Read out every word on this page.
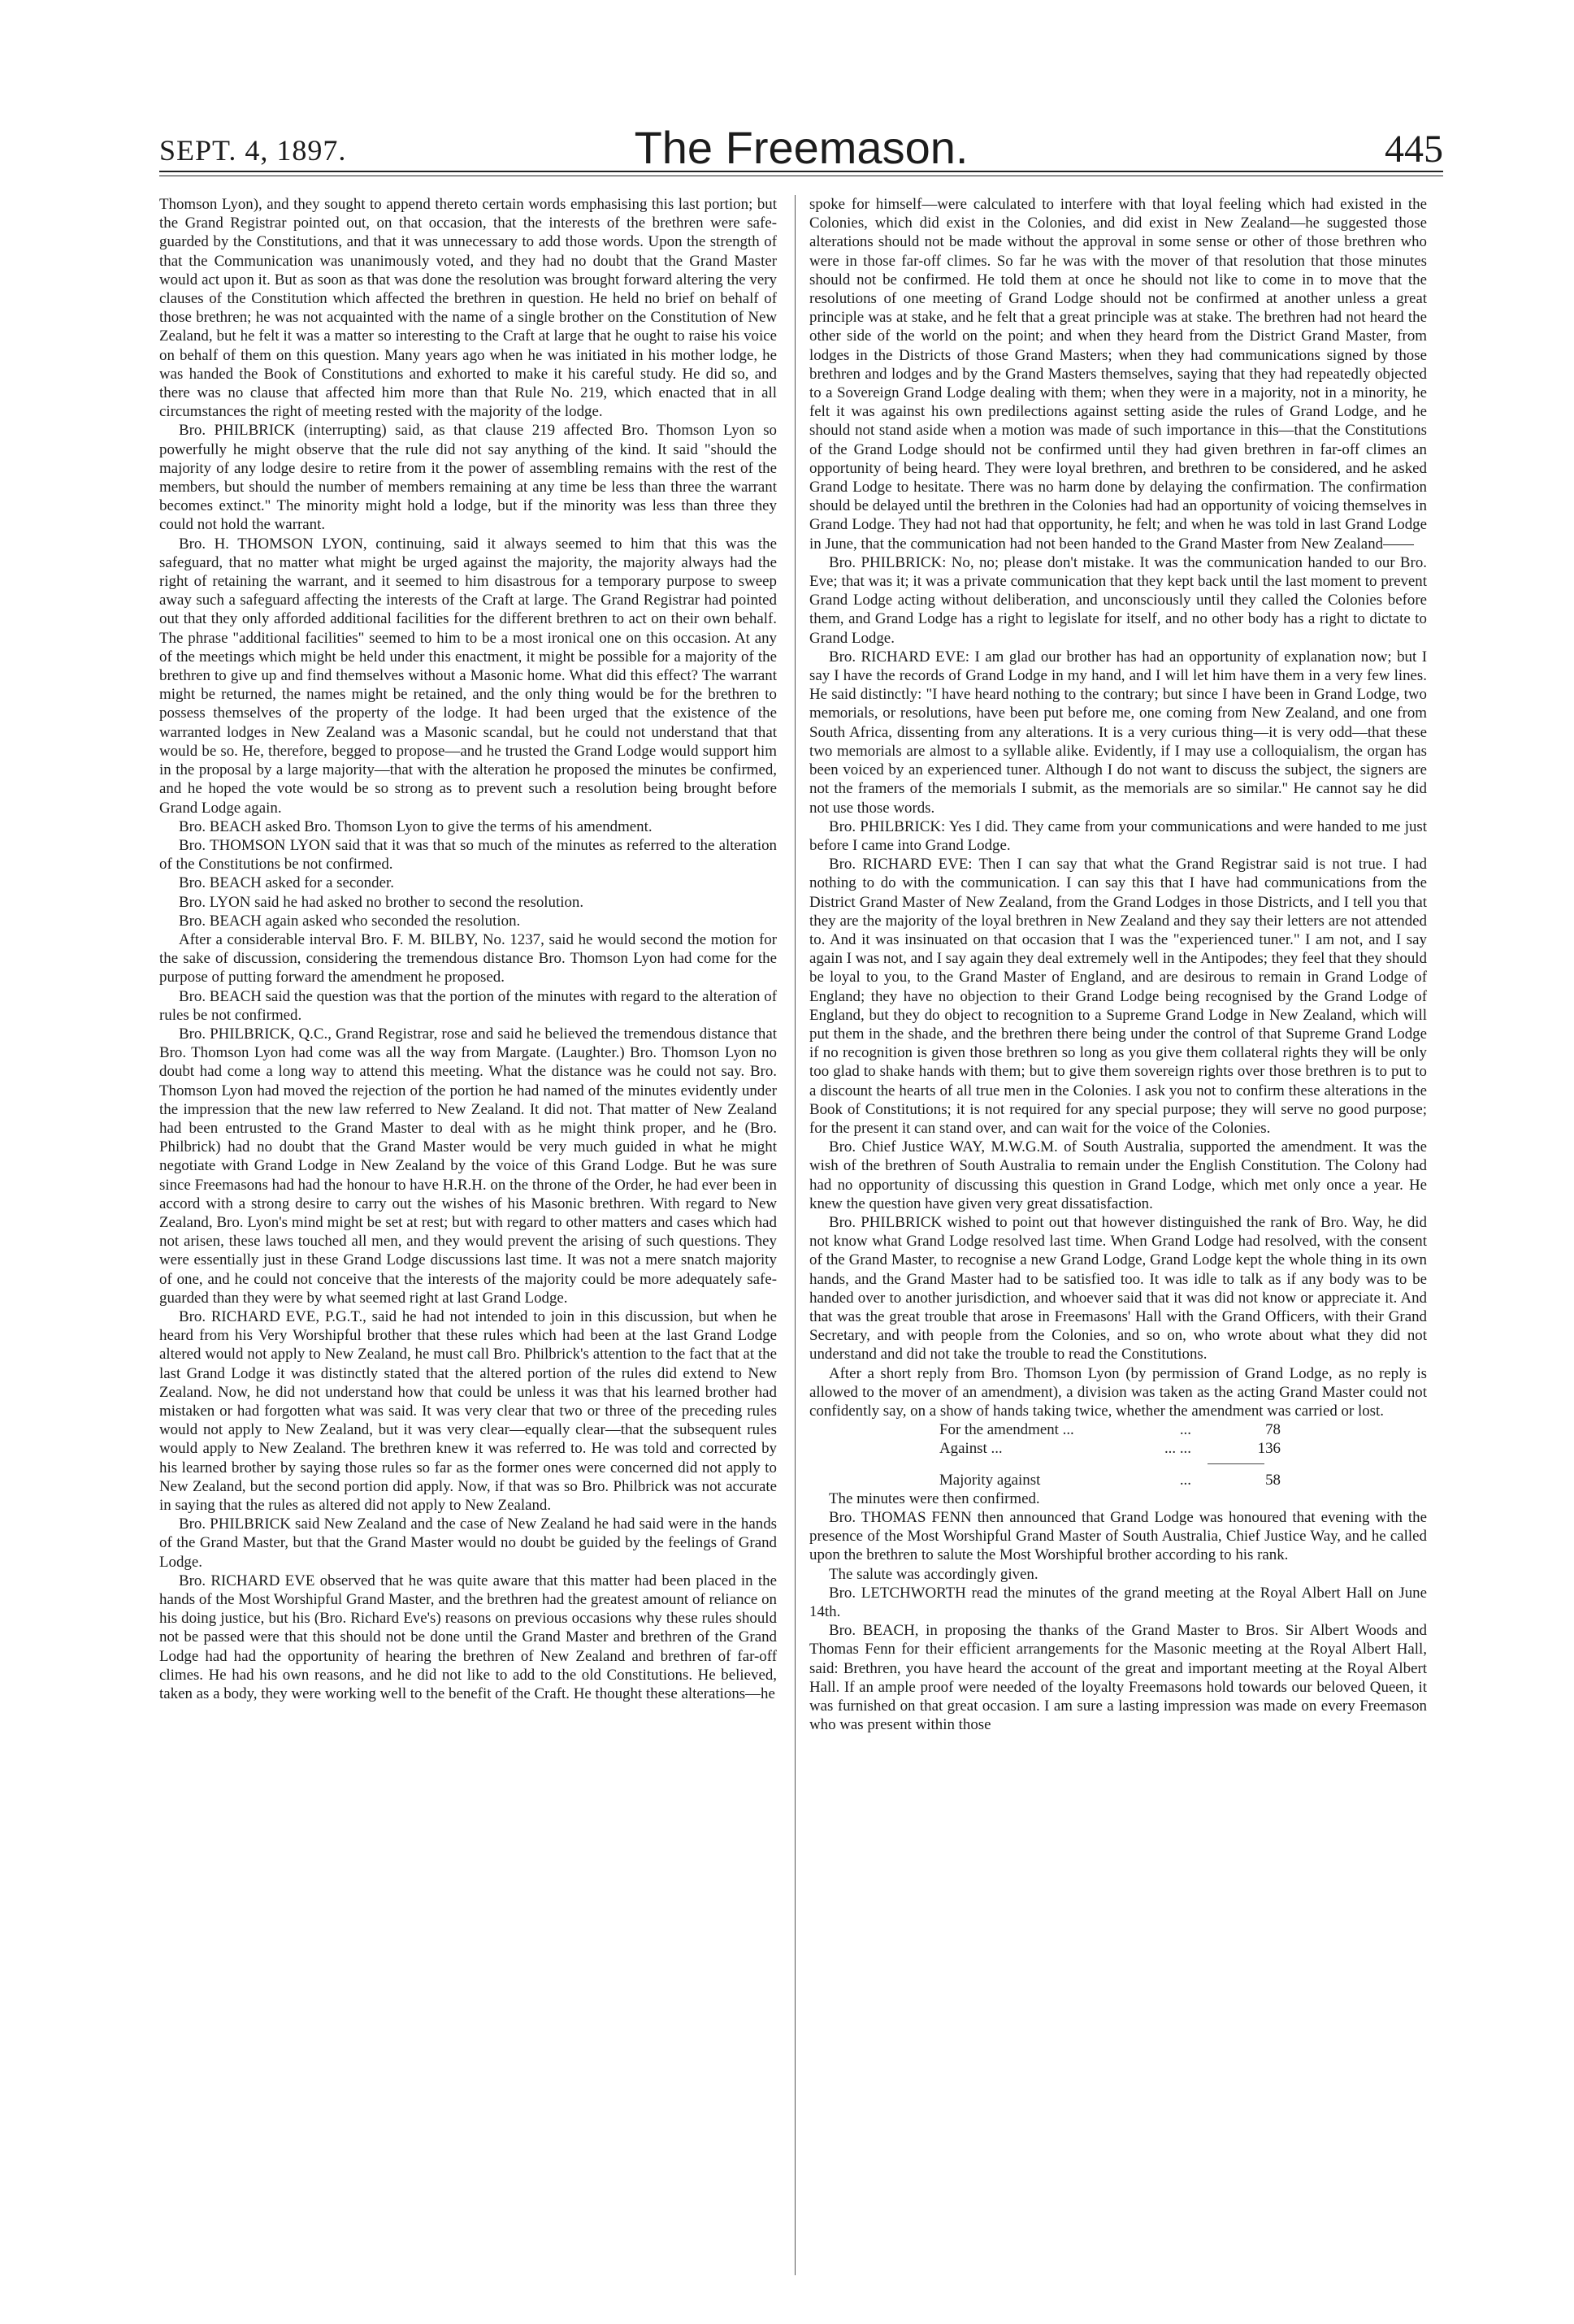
SEPT. 4, 1897.	The Freemason.	445

Thomson Lyon), and they sought to append thereto certain words emphasising this last portion; but the Grand Registrar pointed out, on that occasion, that the interests of the brethren were safe-guarded by the Constitutions, and that it was unnecessary to add those words. Upon the strength of that the Communication was unanimously voted, and they had no doubt that the Grand Master would act upon it. But as soon as that was done the resolution was brought forward altering the very clauses of the Constitution which affected the brethren in question. He held no brief on behalf of those brethren; he was not acquainted with the name of a single brother on the Constitution of New Zealand, but he felt it was a matter so interesting to the Craft at large that he ought to raise his voice on behalf of them on this question. Many years ago when he was initiated in his mother lodge, he was handed the Book of Constitutions and exhorted to make it his careful study. He did so, and there was no clause that affected him more than that Rule No. 219, which enacted that in all circumstances the right of meeting rested with the majority of the lodge.

Bro. PHILBRICK (interrupting) said, as that clause 219 affected Bro. Thomson Lyon so powerfully he might observe that the rule did not say anything of the kind. It said "should the majority of any lodge desire to retire from it the power of assembling remains with the rest of the members, but should the number of members remaining at any time be less than three the warrant becomes extinct." The minority might hold a lodge, but if the minority was less than three they could not hold the warrant.

Bro. H. THOMSON LYON, continuing, said it always seemed to him that this was the safeguard, that no matter what might be urged against the majority, the majority always had the right of retaining the warrant, and it seemed to him disastrous for a temporary purpose to sweep away such a safeguard affecting the interests of the Craft at large. The Grand Registrar had pointed out that they only afforded additional facilities for the different brethren to act on their own behalf. The phrase "additional facilities" seemed to him to be a most ironical one on this occasion. At any of the meetings which might be held under this enactment, it might be possible for a majority of the brethren to give up and find themselves without a Masonic home. What did this effect? The warrant might be returned, the names might be retained, and the only thing would be for the brethren to possess themselves of the property of the lodge. It had been urged that the existence of the warranted lodges in New Zealand was a Masonic scandal, but he could not understand that that would be so. He, therefore, begged to propose—and he trusted the Grand Lodge would support him in the proposal by a large majority—that with the alteration he proposed the minutes be confirmed, and he hoped the vote would be so strong as to prevent such a resolution being brought before Grand Lodge again.

Bro. BEACH asked Bro. Thomson Lyon to give the terms of his amendment.

Bro. THOMSON LYON said that it was that so much of the minutes as referred to the alteration of the Constitutions be not confirmed.

Bro. BEACH asked for a seconder.

Bro. LYON said he had asked no brother to second the resolution.

Bro. BEACH again asked who seconded the resolution.

After a considerable interval Bro. F. M. BILBY, No. 1237, said he would second the motion for the sake of discussion, considering the tremendous distance Bro. Thomson Lyon had come for the purpose of putting forward the amendment he proposed.

Bro. BEACH said the question was that the portion of the minutes with regard to the alteration of rules be not confirmed.

Bro. PHILBRICK, Q.C., Grand Registrar, rose and said he believed the tremendous distance that Bro. Thomson Lyon had come was all the way from Margate. (Laughter.) Bro. Thomson Lyon no doubt had come a long way to attend this meeting. What the distance was he could not say. Bro. Thomson Lyon had moved the rejection of the portion he had named of the minutes evidently under the impression that the new law referred to New Zealand. It did not. That matter of New Zealand had been entrusted to the Grand Master to deal with as he might think proper, and he (Bro. Philbrick) had no doubt that the Grand Master would be very much guided in what he might negotiate with Grand Lodge in New Zealand by the voice of this Grand Lodge. But he was sure since Freemasons had had the honour to have H.R.H. on the throne of the Order, he had ever been in accord with a strong desire to carry out the wishes of his Masonic brethren. With regard to New Zealand, Bro. Lyon's mind might be set at rest; but with regard to other matters and cases which had not arisen, these laws touched all men, and they would prevent the arising of such questions. They were essentially just in these Grand Lodge discussions last time. It was not a mere snatch majority of one, and he could not conceive that the interests of the majority could be more adequately safe-guarded than they were by what seemed right at last Grand Lodge.

Bro. RICHARD EVE, P.G.T., said he had not intended to join in this discussion, but when he heard from his Very Worshipful brother that these rules which had been at the last Grand Lodge altered would not apply to New Zealand, he must call Bro. Philbrick's attention to the fact that at the last Grand Lodge it was distinctly stated that the altered portion of the rules did extend to New Zealand. Now, he did not understand how that could be unless it was that his learned brother had mistaken or had forgotten what was said. It was very clear that two or three of the preceding rules would not apply to New Zealand, but it was very clear—equally clear—that the subsequent rules would apply to New Zealand. The brethren knew it was referred to. He was told and corrected by his learned brother by saying those rules so far as the former ones were concerned did not apply to New Zealand, but the second portion did apply. Now, if that was so Bro. Philbrick was not accurate in saying that the rules as altered did not apply to New Zealand.

Bro. PHILBRICK said New Zealand and the case of New Zealand he had said were in the hands of the Grand Master, but that the Grand Master would no doubt be guided by the feelings of Grand Lodge.

Bro. RICHARD EVE observed that he was quite aware that this matter had been placed in the hands of the Most Worshipful Grand Master, and the brethren had the greatest amount of reliance on his doing justice, but his (Bro. Richard Eve's) reasons on previous occasions why these rules should not be passed were that this should not be done until the Grand Master and brethren of the Grand Lodge had had the opportunity of hearing the brethren of New Zealand and brethren of far-off climes. He had his own reasons, and he did not like to add to the old Constitutions. He believed, taken as a body, they were working well to the benefit of the Craft. He thought these alterations—he

spoke for himself—were calculated to interfere with that loyal feeling which had existed in the Colonies, which did exist in the Colonies, and did exist in New Zealand—he suggested those alterations should not be made without the approval in some sense or other of those brethren who were in those far-off climes. So far he was with the mover of that resolution that those minutes should not be confirmed. He told them at once he should not like to come in to move that the resolutions of one meeting of Grand Lodge should not be confirmed at another unless a great principle was at stake, and he felt that a great principle was at stake. The brethren had not heard the other side of the world on the point; and when they heard from the District Grand Master, from lodges in the Districts of those Grand Masters; when they had communications signed by those brethren and lodges and by the Grand Masters themselves, saying that they had repeatedly objected to a Sovereign Grand Lodge dealing with them; when they were in a majority, not in a minority, he felt it was against his own predilections against setting aside the rules of Grand Lodge, and he should not stand aside when a motion was made of such importance in this—that the Constitutions of the Grand Lodge should not be confirmed until they had given brethren in far-off climes an opportunity of being heard. They were loyal brethren, and brethren to be considered, and he asked Grand Lodge to hesitate. There was no harm done by delaying the confirmation. The confirmation should be delayed until the brethren in the Colonies had had an opportunity of voicing themselves in Grand Lodge. They had not had that opportunity, he felt; and when he was told in last Grand Lodge in June, that the communication had not been handed to the Grand Master from New Zealand——

Bro. PHILBRICK: No, no; please don't mistake. It was the communication handed to our Bro. Eve; that was it; it was a private communication that they kept back until the last moment to prevent Grand Lodge acting without deliberation, and unconsciously until they called the Colonies before them, and Grand Lodge has a right to legislate for itself, and no other body has a right to dictate to Grand Lodge.

Bro. RICHARD EVE: I am glad our brother has had an opportunity of explanation now; but I say I have the records of Grand Lodge in my hand, and I will let him have them in a very few lines. He said distinctly: "I have heard nothing to the contrary; but since I have been in Grand Lodge, two memorials, or resolutions, have been put before me, one coming from New Zealand, and one from South Africa, dissenting from any alterations. It is a very curious thing—it is very odd—that these two memorials are almost to a syllable alike. Evidently, if I may use a colloquialism, the organ has been voiced by an experienced tuner. Although I do not want to discuss the subject, the signers are not the framers of the memorials I submit, as the memorials are so similar." He cannot say he did not use those words.

Bro. PHILBRICK: Yes I did. They came from your communications and were handed to me just before I came into Grand Lodge.

Bro. RICHARD EVE: Then I can say that what the Grand Registrar said is not true. I had nothing to do with the communication. I can say this that I have had communications from the District Grand Master of New Zealand, from the Grand Lodges in those Districts, and I tell you that they are the majority of the loyal brethren in New Zealand and they say their letters are not attended to. And it was insinuated on that occasion that I was the "experienced tuner." I am not, and I say again I was not, and I say again they deal extremely well in the Antipodes; they feel that they should be loyal to you, to the Grand Master of England, and are desirous to remain in Grand Lodge of England; they have no objection to their Grand Lodge being recognised by the Grand Lodge of England, but they do object to recognition to a Supreme Grand Lodge in New Zealand, which will put them in the shade, and the brethren there being under the control of that Supreme Grand Lodge if no recognition is given those brethren so long as you give them collateral rights they will be only too glad to shake hands with them; but to give them sovereign rights over those brethren is to put to a discount the hearts of all true men in the Colonies. I ask you not to confirm these alterations in the Book of Constitutions; it is not required for any special purpose; they will serve no good purpose; for the present it can stand over, and can wait for the voice of the Colonies.

Bro. Chief Justice WAY, M.W.G.M. of South Australia, supported the amendment. It was the wish of the brethren of South Australia to remain under the English Constitution. The Colony had had no opportunity of discussing this question in Grand Lodge, which met only once a year. He knew the question have given very great dissatisfaction.

Bro. PHILBRICK wished to point out that however distinguished the rank of Bro. Way, he did not know what Grand Lodge resolved last time. When Grand Lodge had resolved, with the consent of the Grand Master, to recognise a new Grand Lodge, Grand Lodge kept the whole thing in its own hands, and the Grand Master had to be satisfied too. It was idle to talk as if any body was to be handed over to another jurisdiction, and whoever said that it was did not know or appreciate it. And that was the great trouble that arose in Freemasons' Hall with the Grand Officers, with their Grand Secretary, and with people from the Colonies, and so on, who wrote about what they did not understand and did not take the trouble to read the Constitutions.

After a short reply from Bro. Thomson Lyon (by permission of Grand Lodge, as no reply is allowed to the mover of an amendment), a division was taken as the acting Grand Master could not confidently say, on a show of hands taking twice, whether the amendment was carried or lost.

For the amendment ...	...	78
Against ...	... ...	136
Majority against	...	58

The minutes were then confirmed.

Bro. THOMAS FENN then announced that Grand Lodge was honoured that evening with the presence of the Most Worshipful Grand Master of South Australia, Chief Justice Way, and he called upon the brethren to salute the Most Worshipful brother according to his rank.

The salute was accordingly given.

Bro. LETCHWORTH read the minutes of the grand meeting at the Royal Albert Hall on June 14th.

Bro. BEACH, in proposing the thanks of the Grand Master to Bros. Sir Albert Woods and Thomas Fenn for their efficient arrangements for the Masonic meeting at the Royal Albert Hall, said: Brethren, you have heard the account of the great and important meeting at the Royal Albert Hall. If an ample proof were needed of the loyalty Freemasons hold towards our beloved Queen, it was furnished on that great occasion. I am sure a lasting impression was made on every Freemason who was present within those
